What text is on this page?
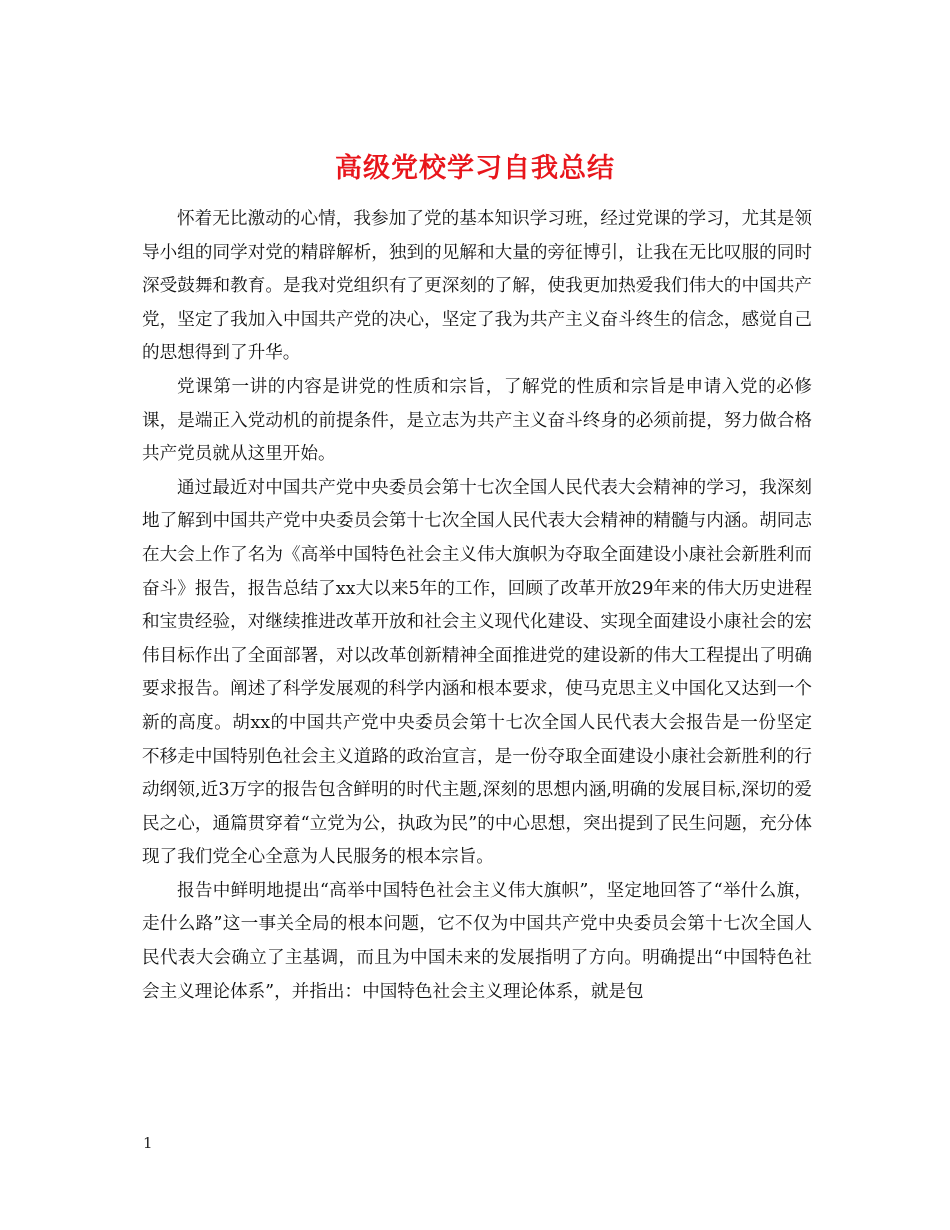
高级党校学习自我总结

怀着无比激动的心情，我参加了党的基本知识学习班，经过党课的学习，尤其是领导小组的同学对党的精辟解析，独到的见解和大量的旁征博引，让我在无比叹服的同时深受鼓舞和教育。是我对党组织有了更深刻的了解，使我更加热爱我们伟大的中国共产党，坚定了我加入中国共产党的决心，坚定了我为共产主义奋斗终生的信念，感觉自己的思想得到了升华。

党课第一讲的内容是讲党的性质和宗旨，了解党的性质和宗旨是申请入党的必修课，是端正入党动机的前提条件，是立志为共产主义奋斗终身的必须前提，努力做合格共产党员就从这里开始。

通过最近对中国共产党中央委员会第十七次全国人民代表大会精神的学习，我深刻地了解到中国共产党中央委员会第十七次全国人民代表大会精神的精髓与内涵。胡同志在大会上作了名为《高举中国特色社会主义伟大旗帜为夺取全面建设小康社会新胜利而奋斗》报告，报告总结了xx大以来5年的工作，回顾了改革开放29年来的伟大历史进程和宝贵经验，对继续推进改革开放和社会主义现代化建设、实现全面建设小康社会的宏伟目标作出了全面部署，对以改革创新精神全面推进党的建设新的伟大工程提出了明确要求报告。阐述了科学发展观的科学内涵和根本要求，使马克思主义中国化又达到一个新的高度。胡xx的中国共产党中央委员会第十七次全国人民代表大会报告是一份坚定不移走中国特别色社会主义道路的政治宣言，是一份夺取全面建设小康社会新胜利的行动纲领,近3万字的报告包含鲜明的时代主题,深刻的思想内涵,明确的发展目标,深切的爱民之心，通篇贯穿着“立党为公，执政为民”的中心思想，突出提到了民生问题，充分体现了我们党全心全意为人民服务的根本宗旨。

报告中鲜明地提出“高举中国特色社会主义伟大旗帜”，坚定地回答了“举什么旗，走什么路”这一事关全局的根本问题，它不仅为中国共产党中央委员会第十七次全国人民代表大会确立了主基调，而且为中国未来的发展指明了方向。明确提出“中国特色社会主义理论体系”，并指出：中国特色社会主义理论体系，就是包

1
